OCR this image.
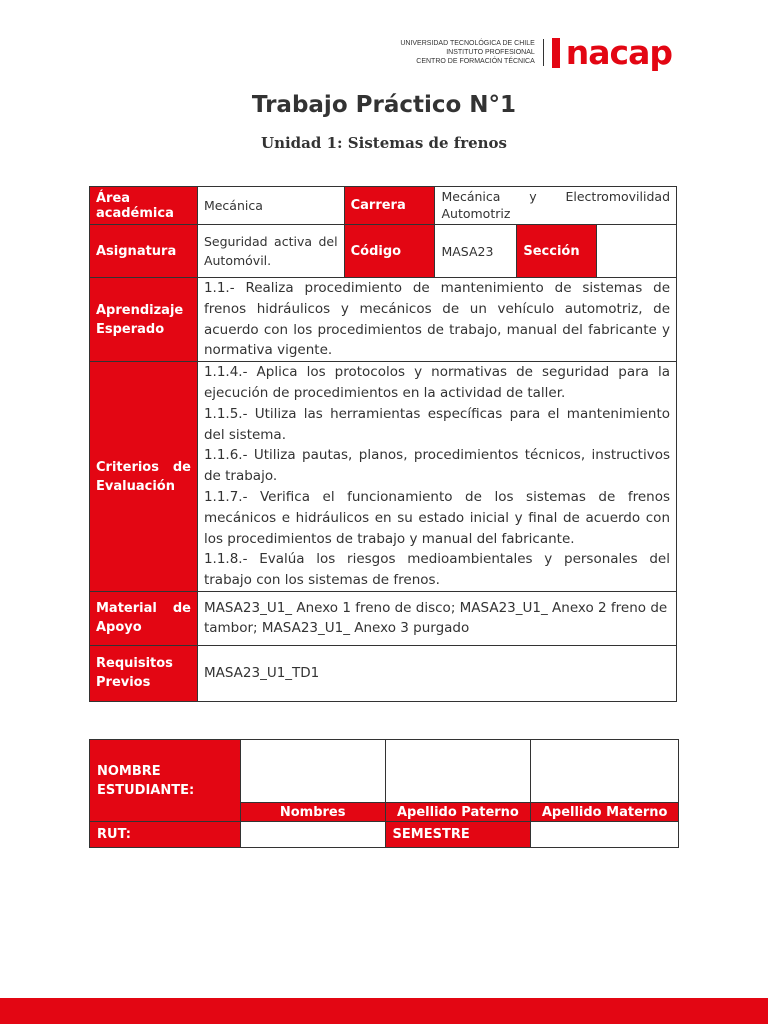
UNIVERSIDAD TECNOLÓGICA DE CHILE
INSTITUTO PROFESIONAL
CENTRO DE FORMACIÓN TÉCNICA nacap
Trabajo Práctico N°1
Unidad 1: Sistemas de frenos
Área académica	Mecánica	Carrera	Mecánica y Electromovilidad Automotriz		
Asignatura	Seguridad activa del Automóvil.	Código	MASA23	Sección	
Aprendizaje Esperado	1.1.- Realiza procedimiento de mantenimiento de sistemas de frenos hidráulicos y mecánicos de un vehículo automotriz, de acuerdo con los procedimientos de trabajo, manual del fabricante y normativa vigente.				

Criterios de Evaluación	1.1.4.- Aplica los protocolos y normativas de seguridad para la ejecución de procedimientos en la actividad de taller.
1.1.5.- Utiliza las herramientas específicas para el mantenimiento del sistema.
1.1.6.- Utiliza pautas, planos, procedimientos técnicos, instructivos de trabajo.
1.1.7.- Verifica el funcionamiento de los sistemas de frenos mecánicos e hidráulicos en su estado inicial y final de acuerdo con los procedimientos de trabajo y manual del fabricante.
1.1.8.- Evalúa los riesgos medioambientales y personales del trabajo con los sistemas de frenos.				

Material de Apoyo	MASA23_U1_ Anexo 1 freno de disco; MASA23_U1_ Anexo 2 freno de tambor; MASA23_U1_ Anexo 3 purgado				
Requisitos Previos	MASA23_U1_TD1				
NOMBRE ESTUDIANTE:			
	Nombres	Apellido Paterno	Apellido Materno
RUT:		SEMESTRE	
